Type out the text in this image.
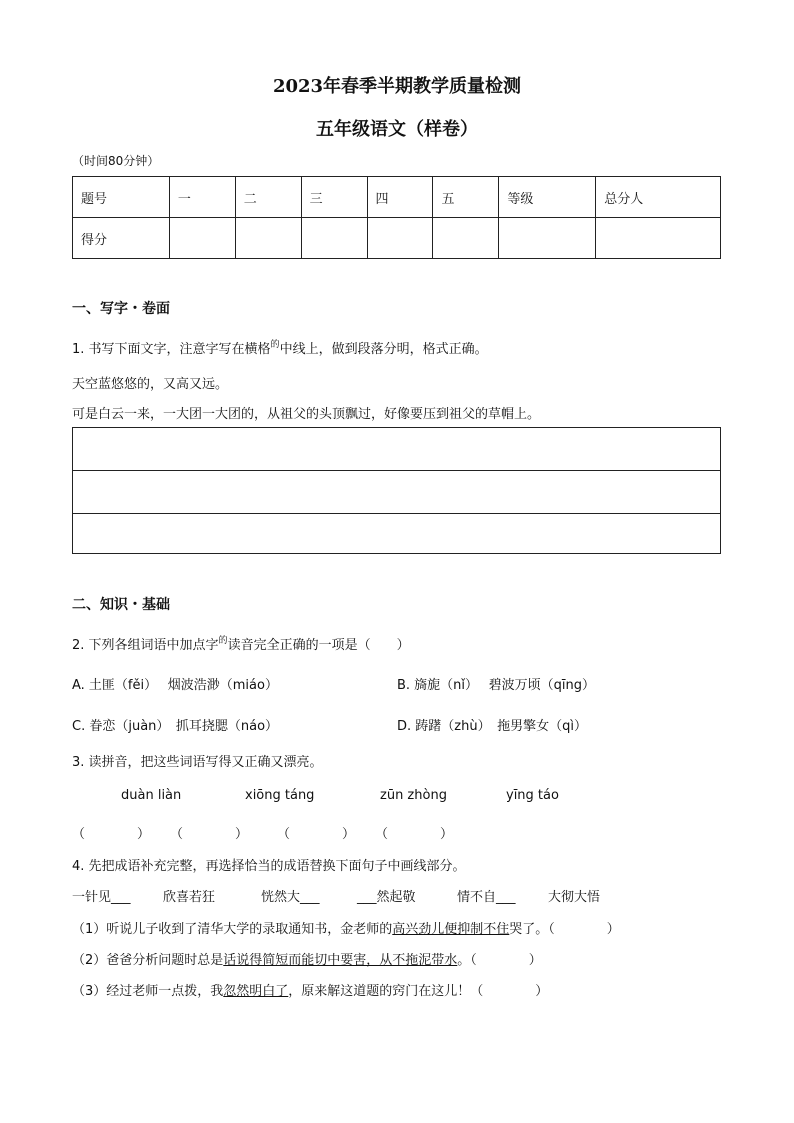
2023年春季半期教学质量检测
五年级语文（样卷）
（时间80分钟）
题号	一	二	三	四	五	等级	总分人
得分							
一、写字・卷面
1. 书写下面文字，注意字写在横格$^的$中线上，做到段落分明，格式正确。
天空蓝悠悠的，又高又远。
可是白云一来，一大团一大团的，从祖父的头顶飘过，好像要压到祖父的草帽上。
二、知识・基础
2. 下列各组词语中加点字$^的$读音完全正确的一项是（　　）
A. 土匪（fěi）　 烟波浩渺（miáo）	B. 旖旎（nǐ）　 碧波万顷（qīng）
C. 眷恋（juàn）　抓耳挠腮（náo）	D. 踌躇（zhù）　拖男擎女（qì）
3. 读拼音，把这些词语写得又正确又漂亮。
duàn liàn	xiōng táng	zūn zhòng	yīng táo
（　　　　） （　　　　） （　　　　） （　　　　）
4. 先把成语补充完整，再选择恰当的成语替换下面句子中画线部分。
一针见___ 欣喜若狂	恍然大___	___然起敬	情不自___ 大彻大悟
（1）听说儿子收到了清华大学的录取通知书，金老师的高兴劲儿便抑制不住哭了。（　　　　）
（2）爸爸分析问题时总是话说得简短而能切中要害，从不拖泥带水。（　　　　）
（3）经过老师一点拨，我忽然明白了，原来解这道题的窍门在这儿！（　　　　）
